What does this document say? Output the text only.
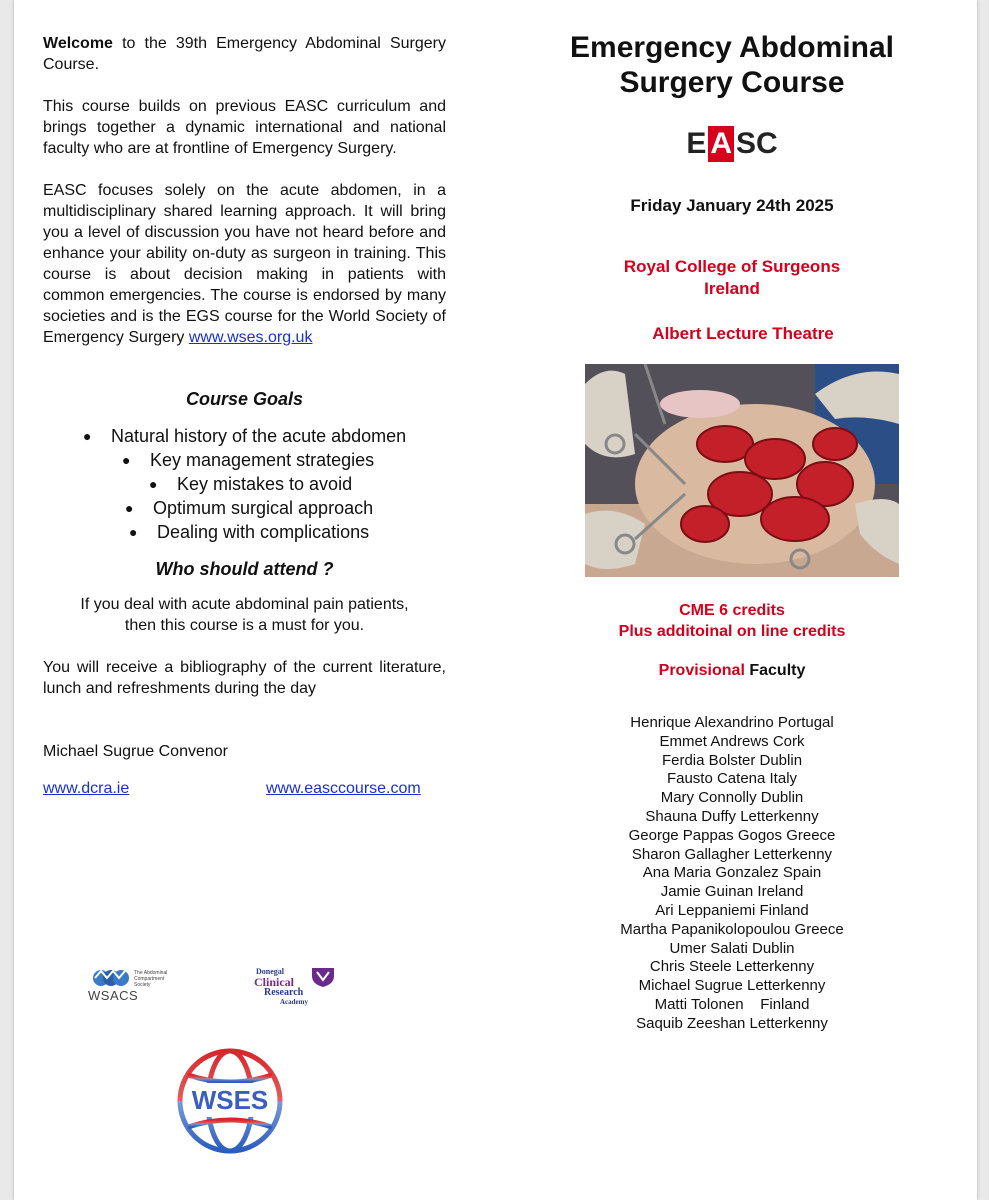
Welcome to the 39th Emergency Abdominal Surgery Course.

This course builds on previous EASC curriculum and brings together a dynamic international and national faculty who are at frontline of Emergency Surgery.

EASC focuses solely on the acute abdomen, in a multidisciplinary shared learning approach. It will bring you a level of discussion you have not heard before and enhance your ability on-duty as surgeon in training. This course is about decision making in patients with common emergencies. The course is endorsed by many societies and is the EGS course for the World Society of Emergency Surgery www.wses.org.uk

Course Goals
● Natural history of the acute abdomen
● Key management strategies
● Key mistakes to avoid
● Optimum surgical approach
● Dealing with complications
Who should attend ?
If you deal with acute abdominal pain patients,
then this course is a must for you.

You will receive a bibliography of the current literature, lunch and refreshments during the day

Michael Sugrue Convenor
www.dcra.ie	www.easccourse.com
WSACS
The Abdominal Compartment Society
Donegal
Clinical
Research
Academy
WSES
Emergency Abdominal
Surgery Course
E A SC
Friday January 24th 2025
Royal College of Surgeons
Ireland
Albert Lecture Theatre
CME 6 credits
Plus additoinal on line credits
Provisional Faculty
Henrique Alexandrino Portugal
Emmet Andrews Cork
Ferdia Bolster Dublin
Fausto Catena Italy
Mary Connolly Dublin
Shauna Duffy Letterkenny
George Pappas Gogos Greece
Sharon Gallagher Letterkenny
Ana Maria Gonzalez Spain
Jamie Guinan Ireland
Ari Leppaniemi Finland
Martha Papanikolopoulou Greece
Umer Salati Dublin
Chris Steele Letterkenny
Michael Sugrue Letterkenny
Matti Tolonen    Finland
Saquib Zeeshan Letterkenny
